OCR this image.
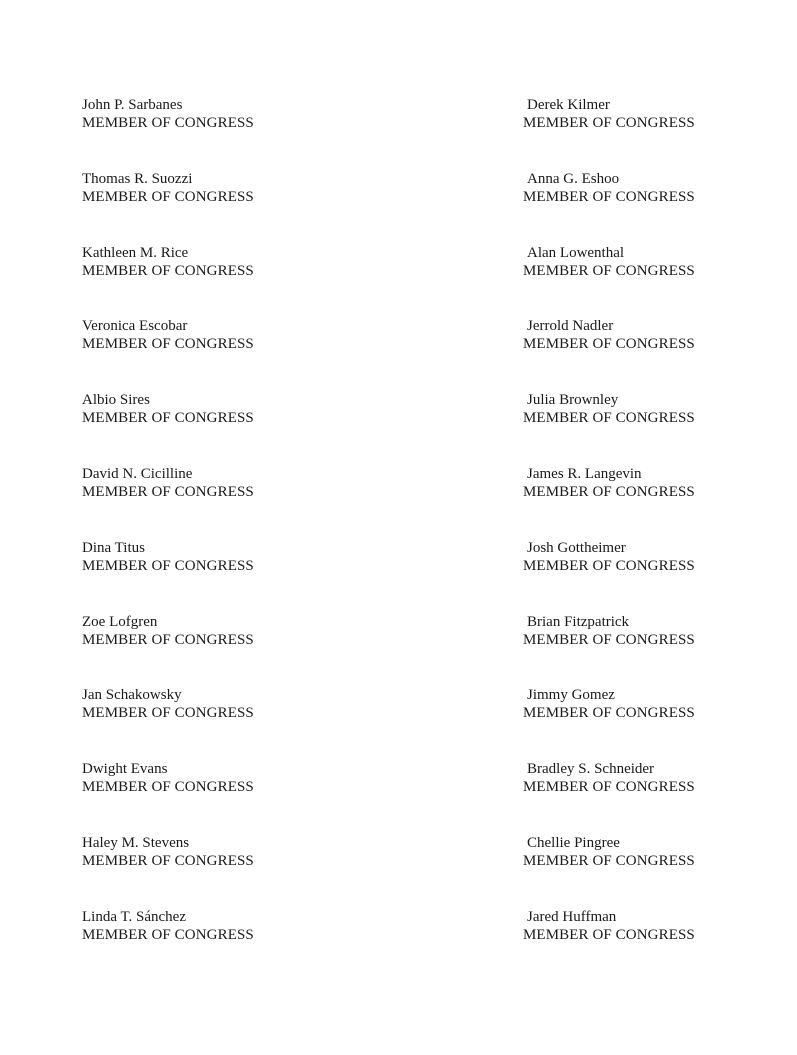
John P. Sarbanes
MEMBER OF CONGRESS
Thomas R. Suozzi
MEMBER OF CONGRESS
Kathleen M. Rice
MEMBER OF CONGRESS
Veronica Escobar
MEMBER OF CONGRESS
Albio Sires
MEMBER OF CONGRESS
David N. Cicilline
MEMBER OF CONGRESS
Dina Titus
MEMBER OF CONGRESS
Zoe Lofgren
MEMBER OF CONGRESS
Jan Schakowsky
MEMBER OF CONGRESS
Dwight Evans
MEMBER OF CONGRESS
Haley M. Stevens
MEMBER OF CONGRESS
Linda T. Sánchez
MEMBER OF CONGRESS
Derek Kilmer
MEMBER OF CONGRESS
Anna G. Eshoo
MEMBER OF CONGRESS
Alan Lowenthal
MEMBER OF CONGRESS
Jerrold Nadler
MEMBER OF CONGRESS
Julia Brownley
MEMBER OF CONGRESS
James R. Langevin
MEMBER OF CONGRESS
Josh Gottheimer
MEMBER OF CONGRESS
Brian Fitzpatrick
MEMBER OF CONGRESS
Jimmy Gomez
MEMBER OF CONGRESS
Bradley S. Schneider
MEMBER OF CONGRESS
Chellie Pingree
MEMBER OF CONGRESS
Jared Huffman
MEMBER OF CONGRESS
